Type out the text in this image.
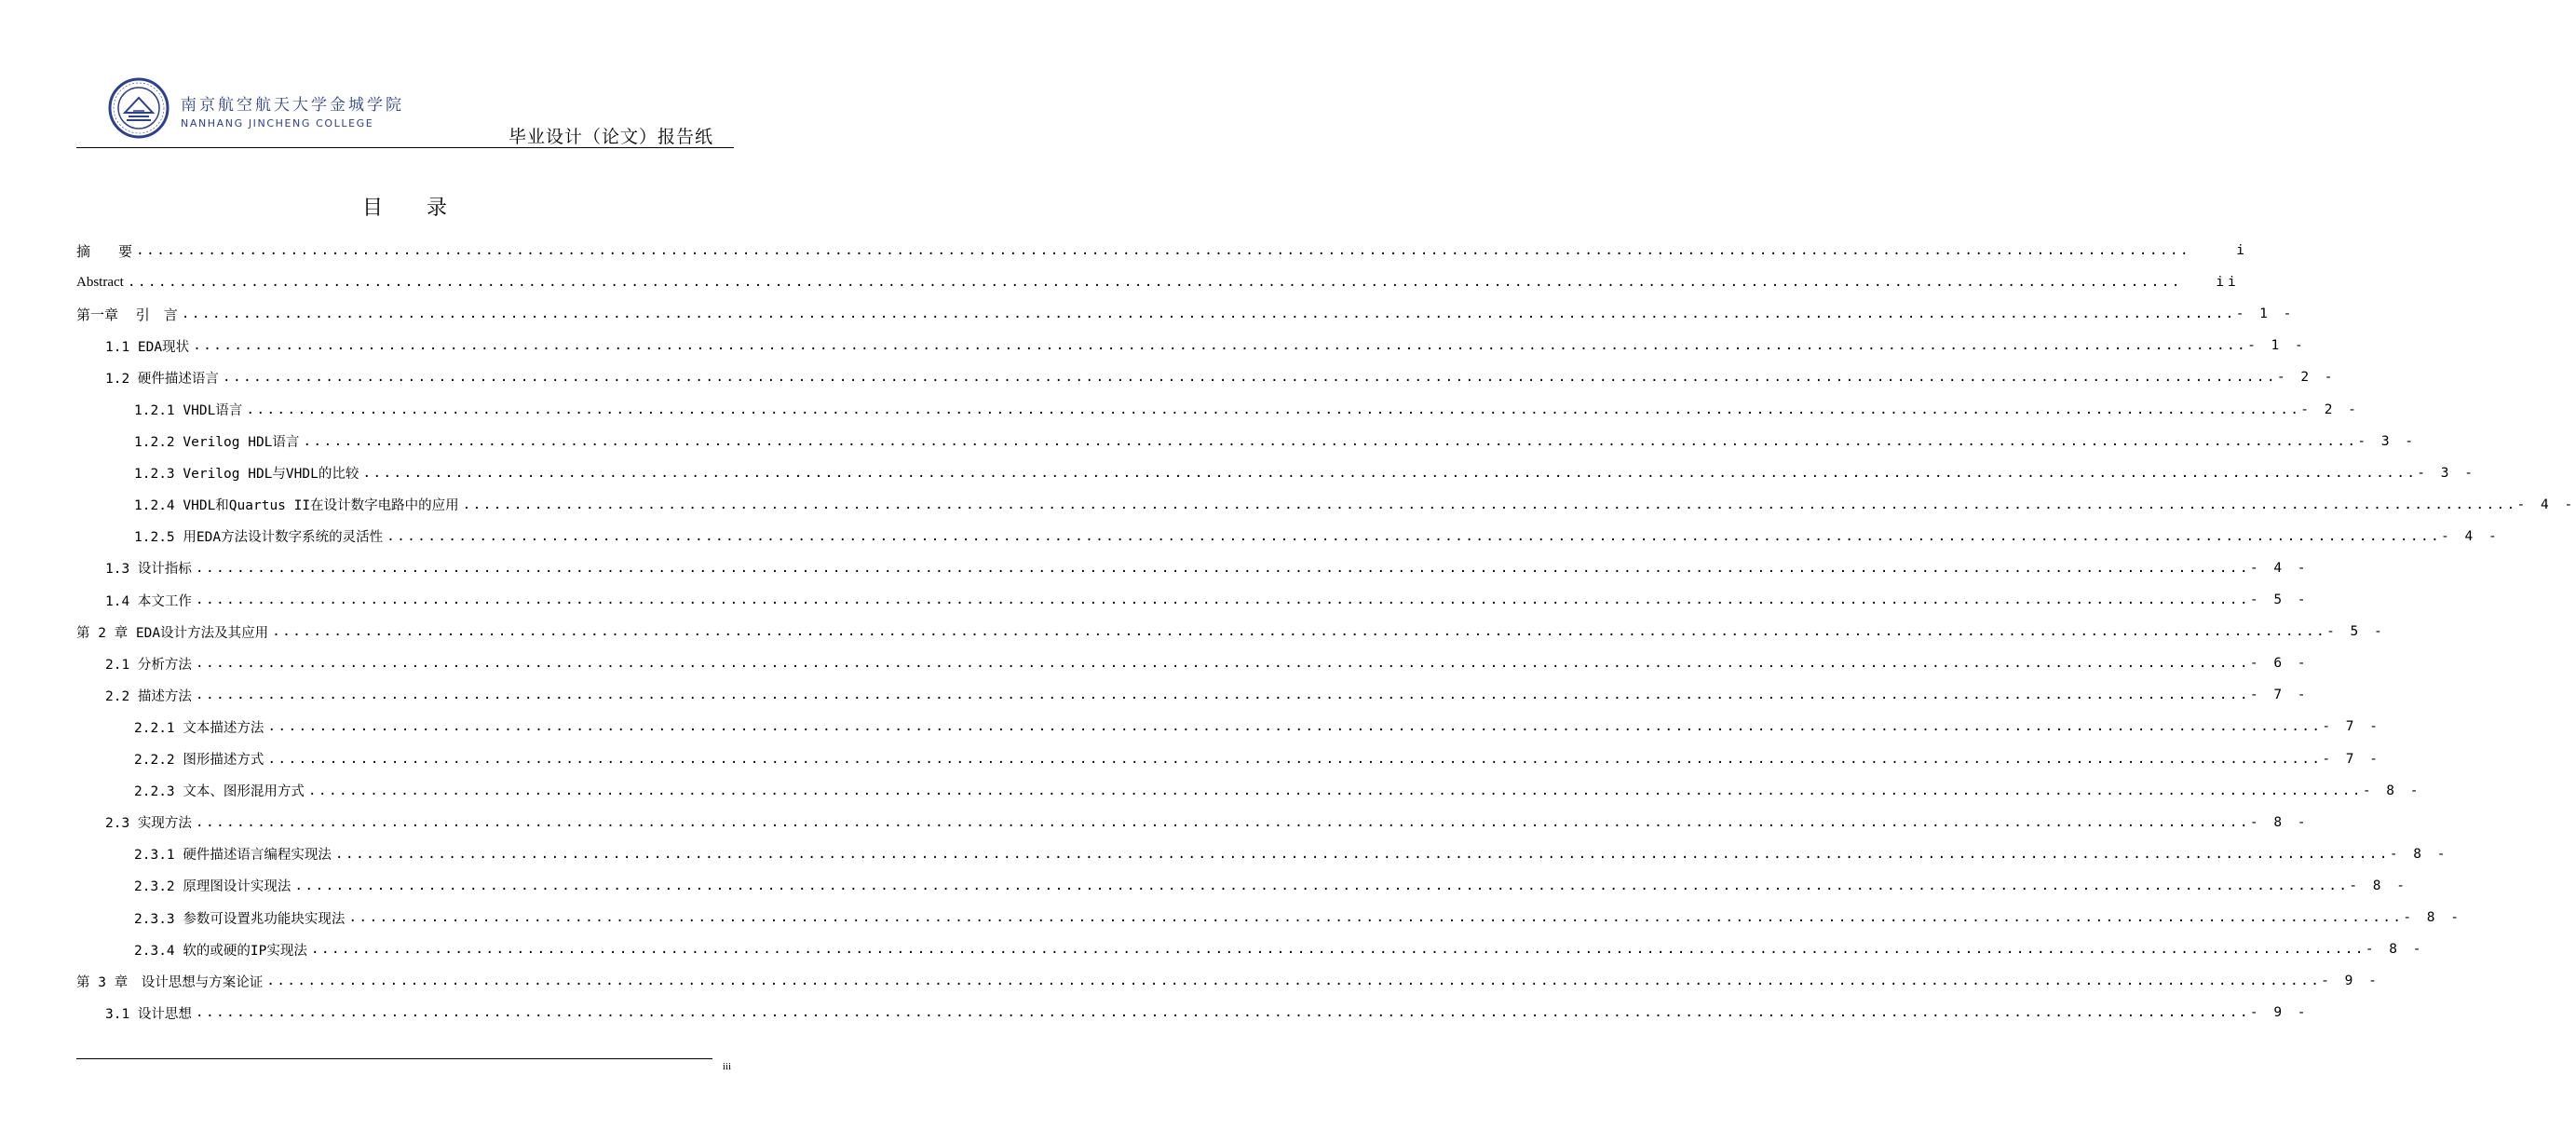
南京航空航天大学金城学院
NANHANG JINCHENG COLLEGE
毕业设计（论文）报告纸
目 录
摘　　要 ........................................................................................................................................................................................................	i
Abstract ........................................................................................................................................................................................................	ii
第一章　 引　言 ........................................................................................................................................................................................................ - 1 -
1.1 EDA现状 ........................................................................................................................................................................................................ - 1 -
1.2 硬件描述语言 ........................................................................................................................................................................................................ - 2 -
1.2.1 VHDL语言 ........................................................................................................................................................................................................ - 2 -
1.2.2 Verilog HDL语言 ........................................................................................................................................................................................................ - 3 -
1.2.3 Verilog HDL与VHDL的比较 ........................................................................................................................................................................................................ - 3 -
1.2.4 VHDL和Quartus II在设计数字电路中的应用 ........................................................................................................................................................................................................ - 4 -
1.2.5 用EDA方法设计数字系统的灵活性 ........................................................................................................................................................................................................ - 4 -
1.3 设计指标 ........................................................................................................................................................................................................ - 4 -
1.4 本文工作 ........................................................................................................................................................................................................ - 5 -
第 2 章 EDA设计方法及其应用 ........................................................................................................................................................................................................ - 5 -
2.1 分析方法 ........................................................................................................................................................................................................ - 6 -
2.2 描述方法 ........................................................................................................................................................................................................ - 7 -
2.2.1 文本描述方法 ........................................................................................................................................................................................................ - 7 -
2.2.2 图形描述方式 ........................................................................................................................................................................................................ - 7 -
2.2.3 文本、图形混用方式 ........................................................................................................................................................................................................ - 8 -
2.3 实现方法 ........................................................................................................................................................................................................ - 8 -
2.3.1 硬件描述语言编程实现法 ........................................................................................................................................................................................................ - 8 -
2.3.2 原理图设计实现法 ........................................................................................................................................................................................................ - 8 -
2.3.3 参数可设置兆功能块实现法 ........................................................................................................................................................................................................ - 8 -
2.3.4 软的或硬的IP实现法 ........................................................................................................................................................................................................ - 8 -
第 3 章　设计思想与方案论证 ........................................................................................................................................................................................................ - 9 -
3.1 设计思想 ........................................................................................................................................................................................................ - 9 -
iii
